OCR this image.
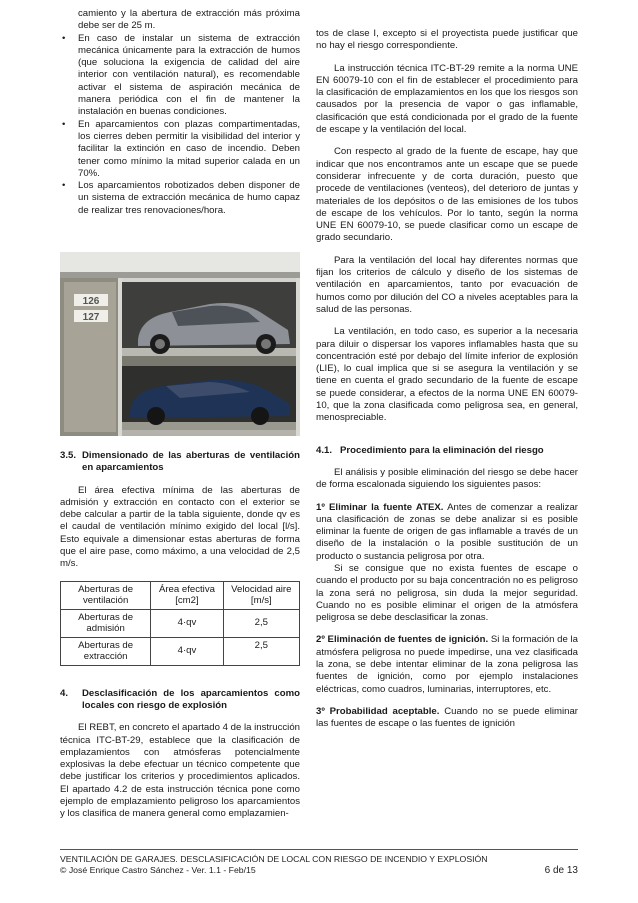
camiento y la abertura de extracción más próxima debe ser de 25 m.

• En caso de instalar un sistema de extracción mecánica únicamente para la extracción de humos (que soluciona la exigencia de calidad del aire interior con ventilación natural), es recomendable activar el sistema de aspiración mecánica de manera periódica con el fin de mantener la instalación en buenas condiciones.
• En aparcamientos con plazas compartimentadas, los cierres deben permitir la visibilidad del interior y facilitar la extinción en caso de incendio. Deben tener como mínimo la mitad superior calada en un 70%.
• Los aparcamientos robotizados deben disponer de un sistema de extracción mecánica de humo capaz de realizar tres renovaciones/hora.
126
127
3.5. Dimensionado de las aberturas de ventilación en aparcamientos

El área efectiva mínima de las aberturas de admisión y extracción en contacto con el exterior se debe calcular a partir de la tabla siguiente, donde qv es el caudal de ventilación mínimo exigido del local [l/s]. Esto equivale a dimensionar estas aberturas de forma que el aire pase, como máximo, a una velocidad de 2,5 m/s.

Aberturas de ventilación	Área efectiva [cm2]	Velocidad aire [m/s]
Aberturas de admisión	4·qv	2,5
Aberturas de extracción	4·qv	2,5
4.	Desclasificación de los aparcamientos como locales con riesgo de explosión

El REBT, en concreto el apartado 4 de la instrucción técnica ITC-BT-29, establece que la clasificación de emplazamientos con atmósferas potencialmente explosivas la debe efectuar un técnico competente que debe justificar los criterios y procedimientos aplicados. El apartado 4.2 de esta instrucción técnica pone como ejemplo de emplazamiento peligroso los aparcamientos y los clasifica de manera general como emplazamien-

tos de clase I, excepto si el proyectista puede justificar que no hay el riesgo correspondiente.

La instrucción técnica ITC-BT-29 remite a la norma UNE EN 60079-10 con el fin de establecer el procedimiento para la clasificación de emplazamientos en los que los riesgos son causados por la presencia de vapor o gas inflamable, clasificación que está condicionada por el grado de la fuente de escape y la ventilación del local.

Con respecto al grado de la fuente de escape, hay que indicar que nos encontramos ante un escape que se puede considerar infrecuente y de corta duración, puesto que procede de ventilaciones (venteos), del deterioro de juntas y materiales de los depósitos o de las emisiones de los tubos de escape de los vehículos. Por lo tanto, según la norma UNE EN 60079-10, se puede clasificar como un escape de grado secundario.

Para la ventilación del local hay diferentes normas que fijan los criterios de cálculo y diseño de los sistemas de ventilación en aparcamientos, tanto por evacuación de humos como por dilución del CO a niveles aceptables para la salud de las personas.

La ventilación, en todo caso, es superior a la necesaria para diluir o dispersar los vapores inflamables hasta que su concentración esté por debajo del límite inferior de explosión (LIE), lo cual implica que si se asegura la ventilación y se tiene en cuenta el grado secundario de la fuente de escape se puede considerar, a efectos de la norma UNE EN 60079-10, que la zona clasificada como peligrosa sea, en general, menospreciable.

4.1. Procedimiento para la eliminación del riesgo

El análisis y posible eliminación del riesgo se debe hacer de forma escalonada siguiendo los siguientes pasos:

1º Eliminar la fuente ATEX. Antes de comenzar a realizar una clasificación de zonas se debe analizar si es posible eliminar la fuente de origen de gas inflamable a través de un diseño de la instalación o la posible sustitución de un producto o sustancia peligrosa por otra.

Si se consigue que no exista fuentes de escape o cuando el producto por su baja concentración no es peligroso la zona será no peligrosa, sin duda la mejor seguridad. Cuando no es posible eliminar el origen de la atmósfera peligrosa se debe desclasificar la zonas.

2º Eliminación de fuentes de ignición. Si la formación de la atmósfera peligrosa no puede impedirse, una vez clasificada la zona, se debe intentar eliminar de la zona peligrosa las fuentes de ignición, como por ejemplo instalaciones eléctricas, como cuadros, luminarias, interruptores, etc.

3º Probabilidad aceptable. Cuando no se puede eliminar las fuentes de escape o las fuentes de ignición

VENTILACIÓN DE GARAJES. DESCLASIFICACIÓN DE LOCAL CON RIESGO DE INCENDIO Y EXPLOSIÓN
© José Enrique Castro Sánchez - Ver. 1.1 - Feb/15	6 de 13
